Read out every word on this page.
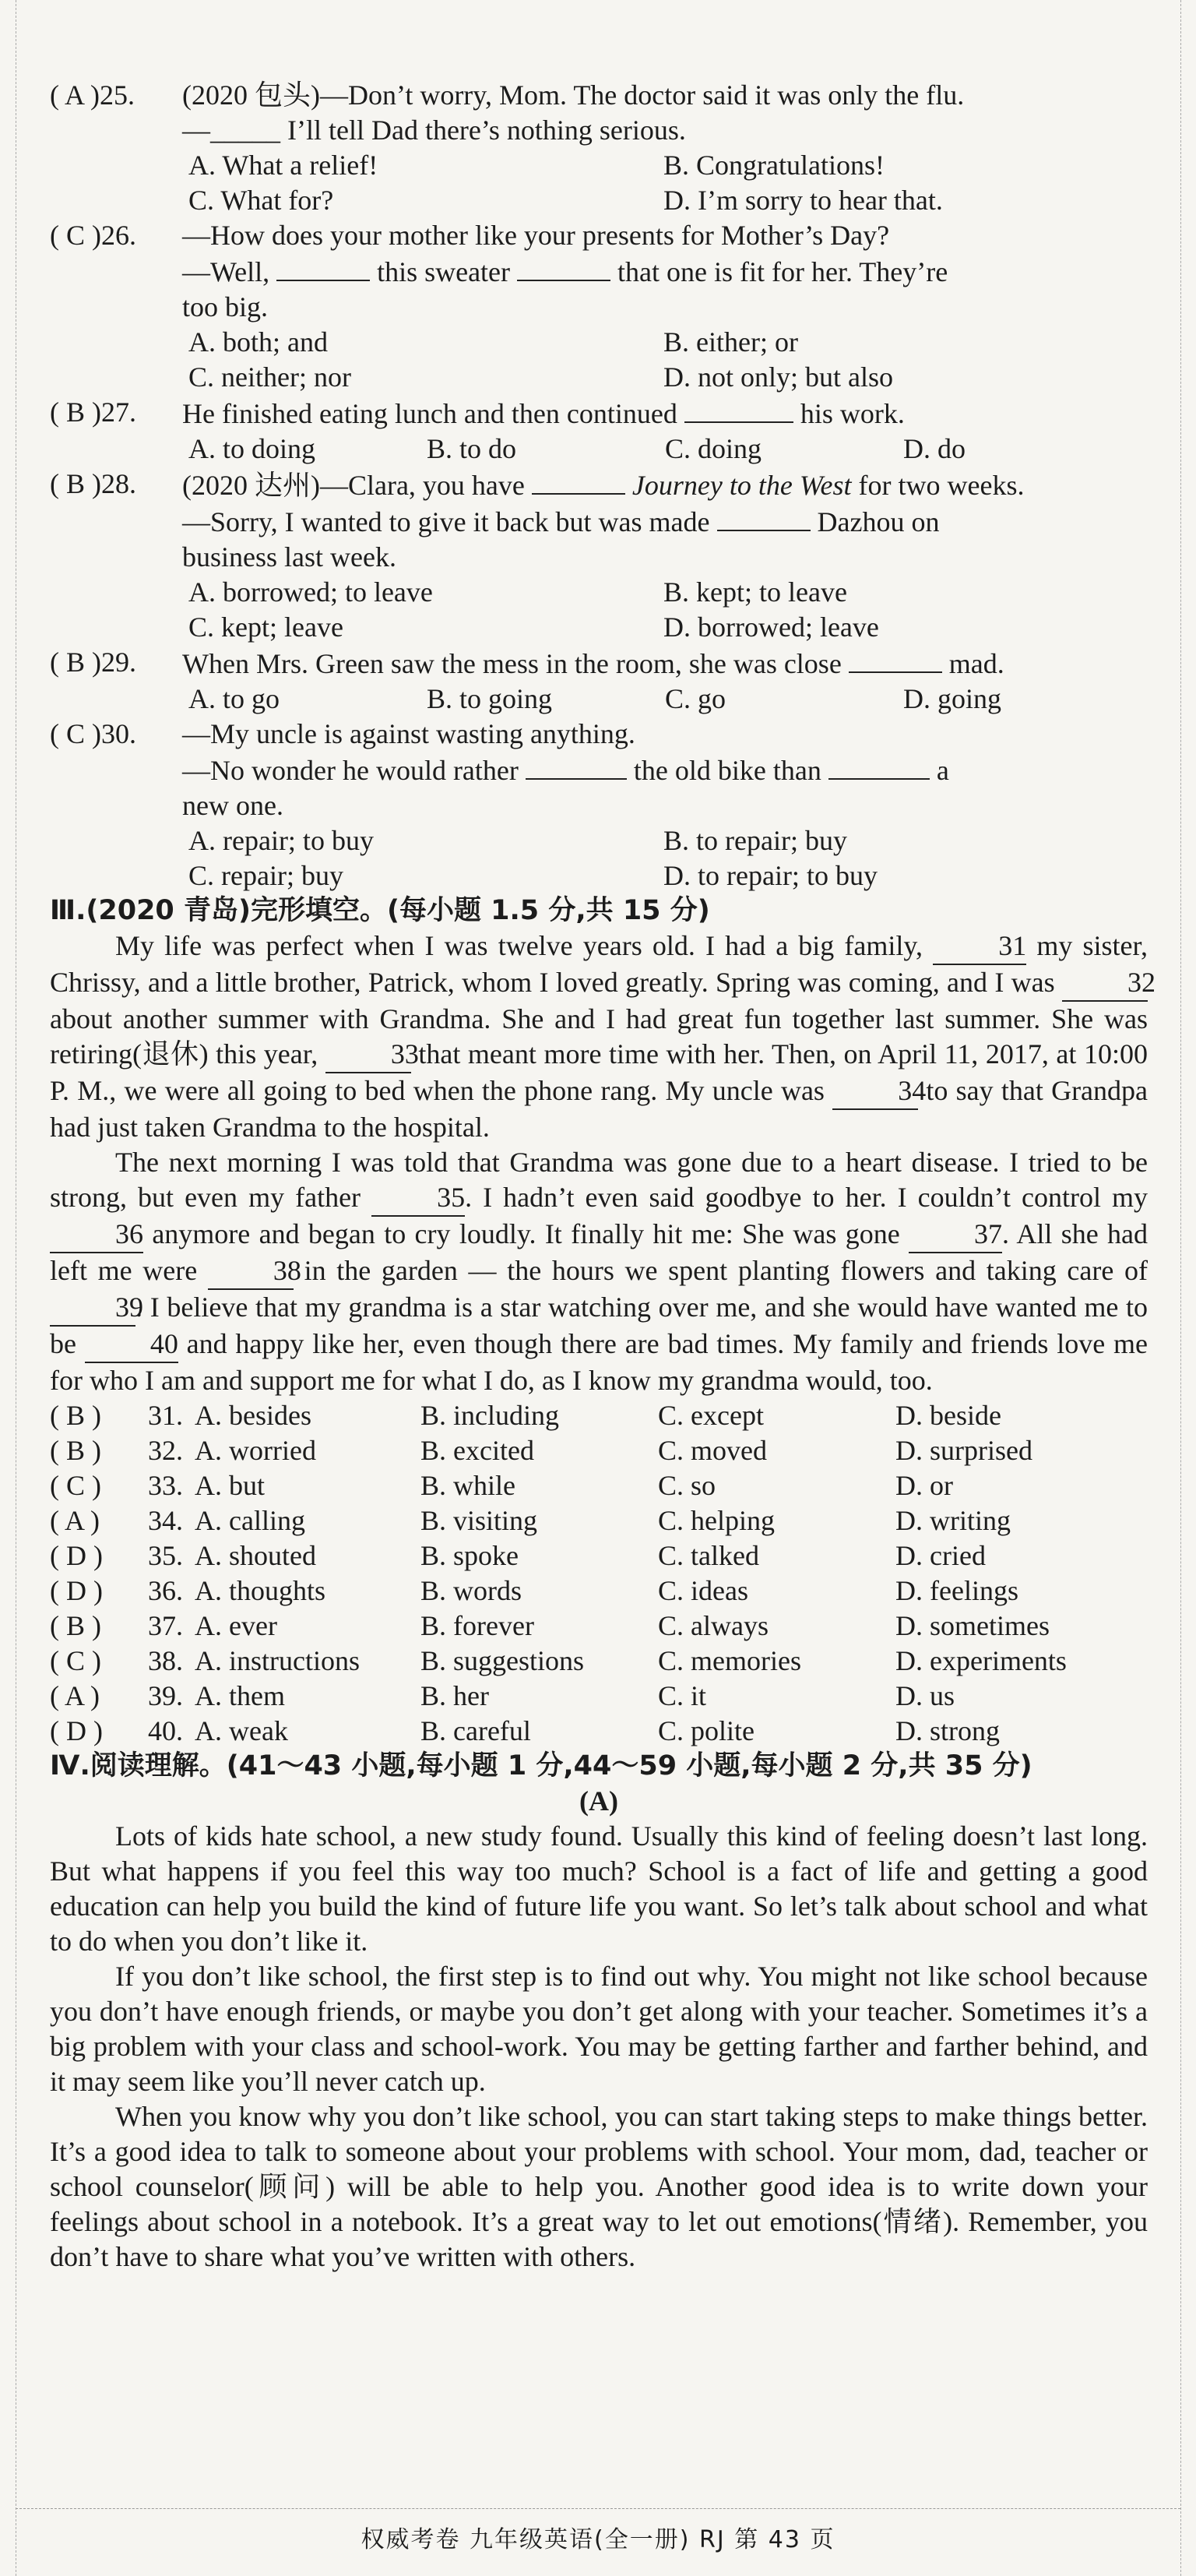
( A )25.	(2020 包头)—Don’t worry, Mom. The doctor said it was only the flu.
—_____ I’ll tell Dad there’s nothing serious.
A. What a relief!	B. Congratulations!
C. What for?	D. I’m sorry to hear that.
( C )26.	—How does your mother like your presents for Mother’s Day?
—Well,	this sweater	that one is fit for her. They’re
too big.
A. both; and	B. either; or
C. neither; nor	D. not only; but also
( B )27.	He finished eating lunch and then continued	his work.
A. to doing	B. to do	C. doing	D. do
( B )28.	(2020 达州)—Clara, you have	Journey to the West for two weeks.
—Sorry, I wanted to give it back but was made	Dazhou on
business last week.
A. borrowed; to leave	B. kept; to leave
C. kept; leave	D. borrowed; leave
( B )29.	When Mrs. Green saw the mess in the room, she was close	mad.
A. to go	B. to going	C. go	D. going
( C )30.	—My uncle is against wasting anything.
—No wonder he would rather	the old bike than	a
new one.
A. repair; to buy	B. to repair; buy
C. repair; buy	D. to repair; to buy
Ⅲ.(2020 青岛)完形填空。(每小题 1.5 分,共 15 分)
My life was perfect when I was twelve years old. I had a big family,	31 my sister, Chrissy, and a little brother, Patrick, whom I loved greatly. Spring was coming, and I was	32 about another summer with Grandma. She and I had great fun together last summer. She was retiring(退休) this year,	33 that meant more time with her. Then, on April 11, 2017, at 10:00 P. M., we were all going to bed when the phone rang. My uncle was	34 to say that Grandpa had just taken Grandma to the hospital.
The next morning I was told that Grandma was gone due to a heart disease. I tried to be strong, but even my father	35. I hadn’t even said goodbye to her. I couldn’t control my 36 anymore and began to cry loudly. It finally hit me: She was gone	37. All she had left me were	38 in the garden — the hours we spent planting flowers and taking care of 39. I believe that my grandma is a star watching over me, and she would have wanted me to be	40 and happy like her, even though there are bad times. My family and friends love me for who I am and support me for what I do, as I know my grandma would, too.
( B )	31. A. besides	B. including	C. except	D. beside
( B )	32. A. worried	B. excited	C. moved	D. surprised
( C )	33. A. but	B. while	C. so	D. or
( A )	34. A. calling	B. visiting	C. helping	D. writing
( D )	35. A. shouted	B. spoke	C. talked	D. cried
( D )	36. A. thoughts	B. words	C. ideas	D. feelings
( B )	37. A. ever	B. forever	C. always	D. sometimes
( C )	38. A. instructions	B. suggestions	C. memories	D. experiments
( A )	39. A. them	B. her	C. it	D. us
( D )	40. A. weak	B. careful	C. polite	D. strong
Ⅳ.阅读理解。(41～43 小题,每小题 1 分,44～59 小题,每小题 2 分,共 35 分)
(A)
Lots of kids hate school, a new study found. Usually this kind of feeling doesn’t last long. But what happens if you feel this way too much? School is a fact of life and getting a good education can help you build the kind of future life you want. So let’s talk about school and what to do when you don’t like it.
If you don’t like school, the first step is to find out why. You might not like school because you don’t have enough friends, or maybe you don’t get along with your teacher. Sometimes it’s a big problem with your class and school-work. You may be getting farther and farther behind, and it may seem like you’ll never catch up.
When you know why you don’t like school, you can start taking steps to make things better. It’s a good idea to talk to someone about your problems with school. Your mom, dad, teacher or school counselor(顾问) will be able to help you. Another good idea is to write down your feelings about school in a notebook. It’s a great way to let out emotions(情绪). Remember, you don’t have to share what you’ve written with others.
权威考卷 九年级英语(全一册) RJ 第 43 页
